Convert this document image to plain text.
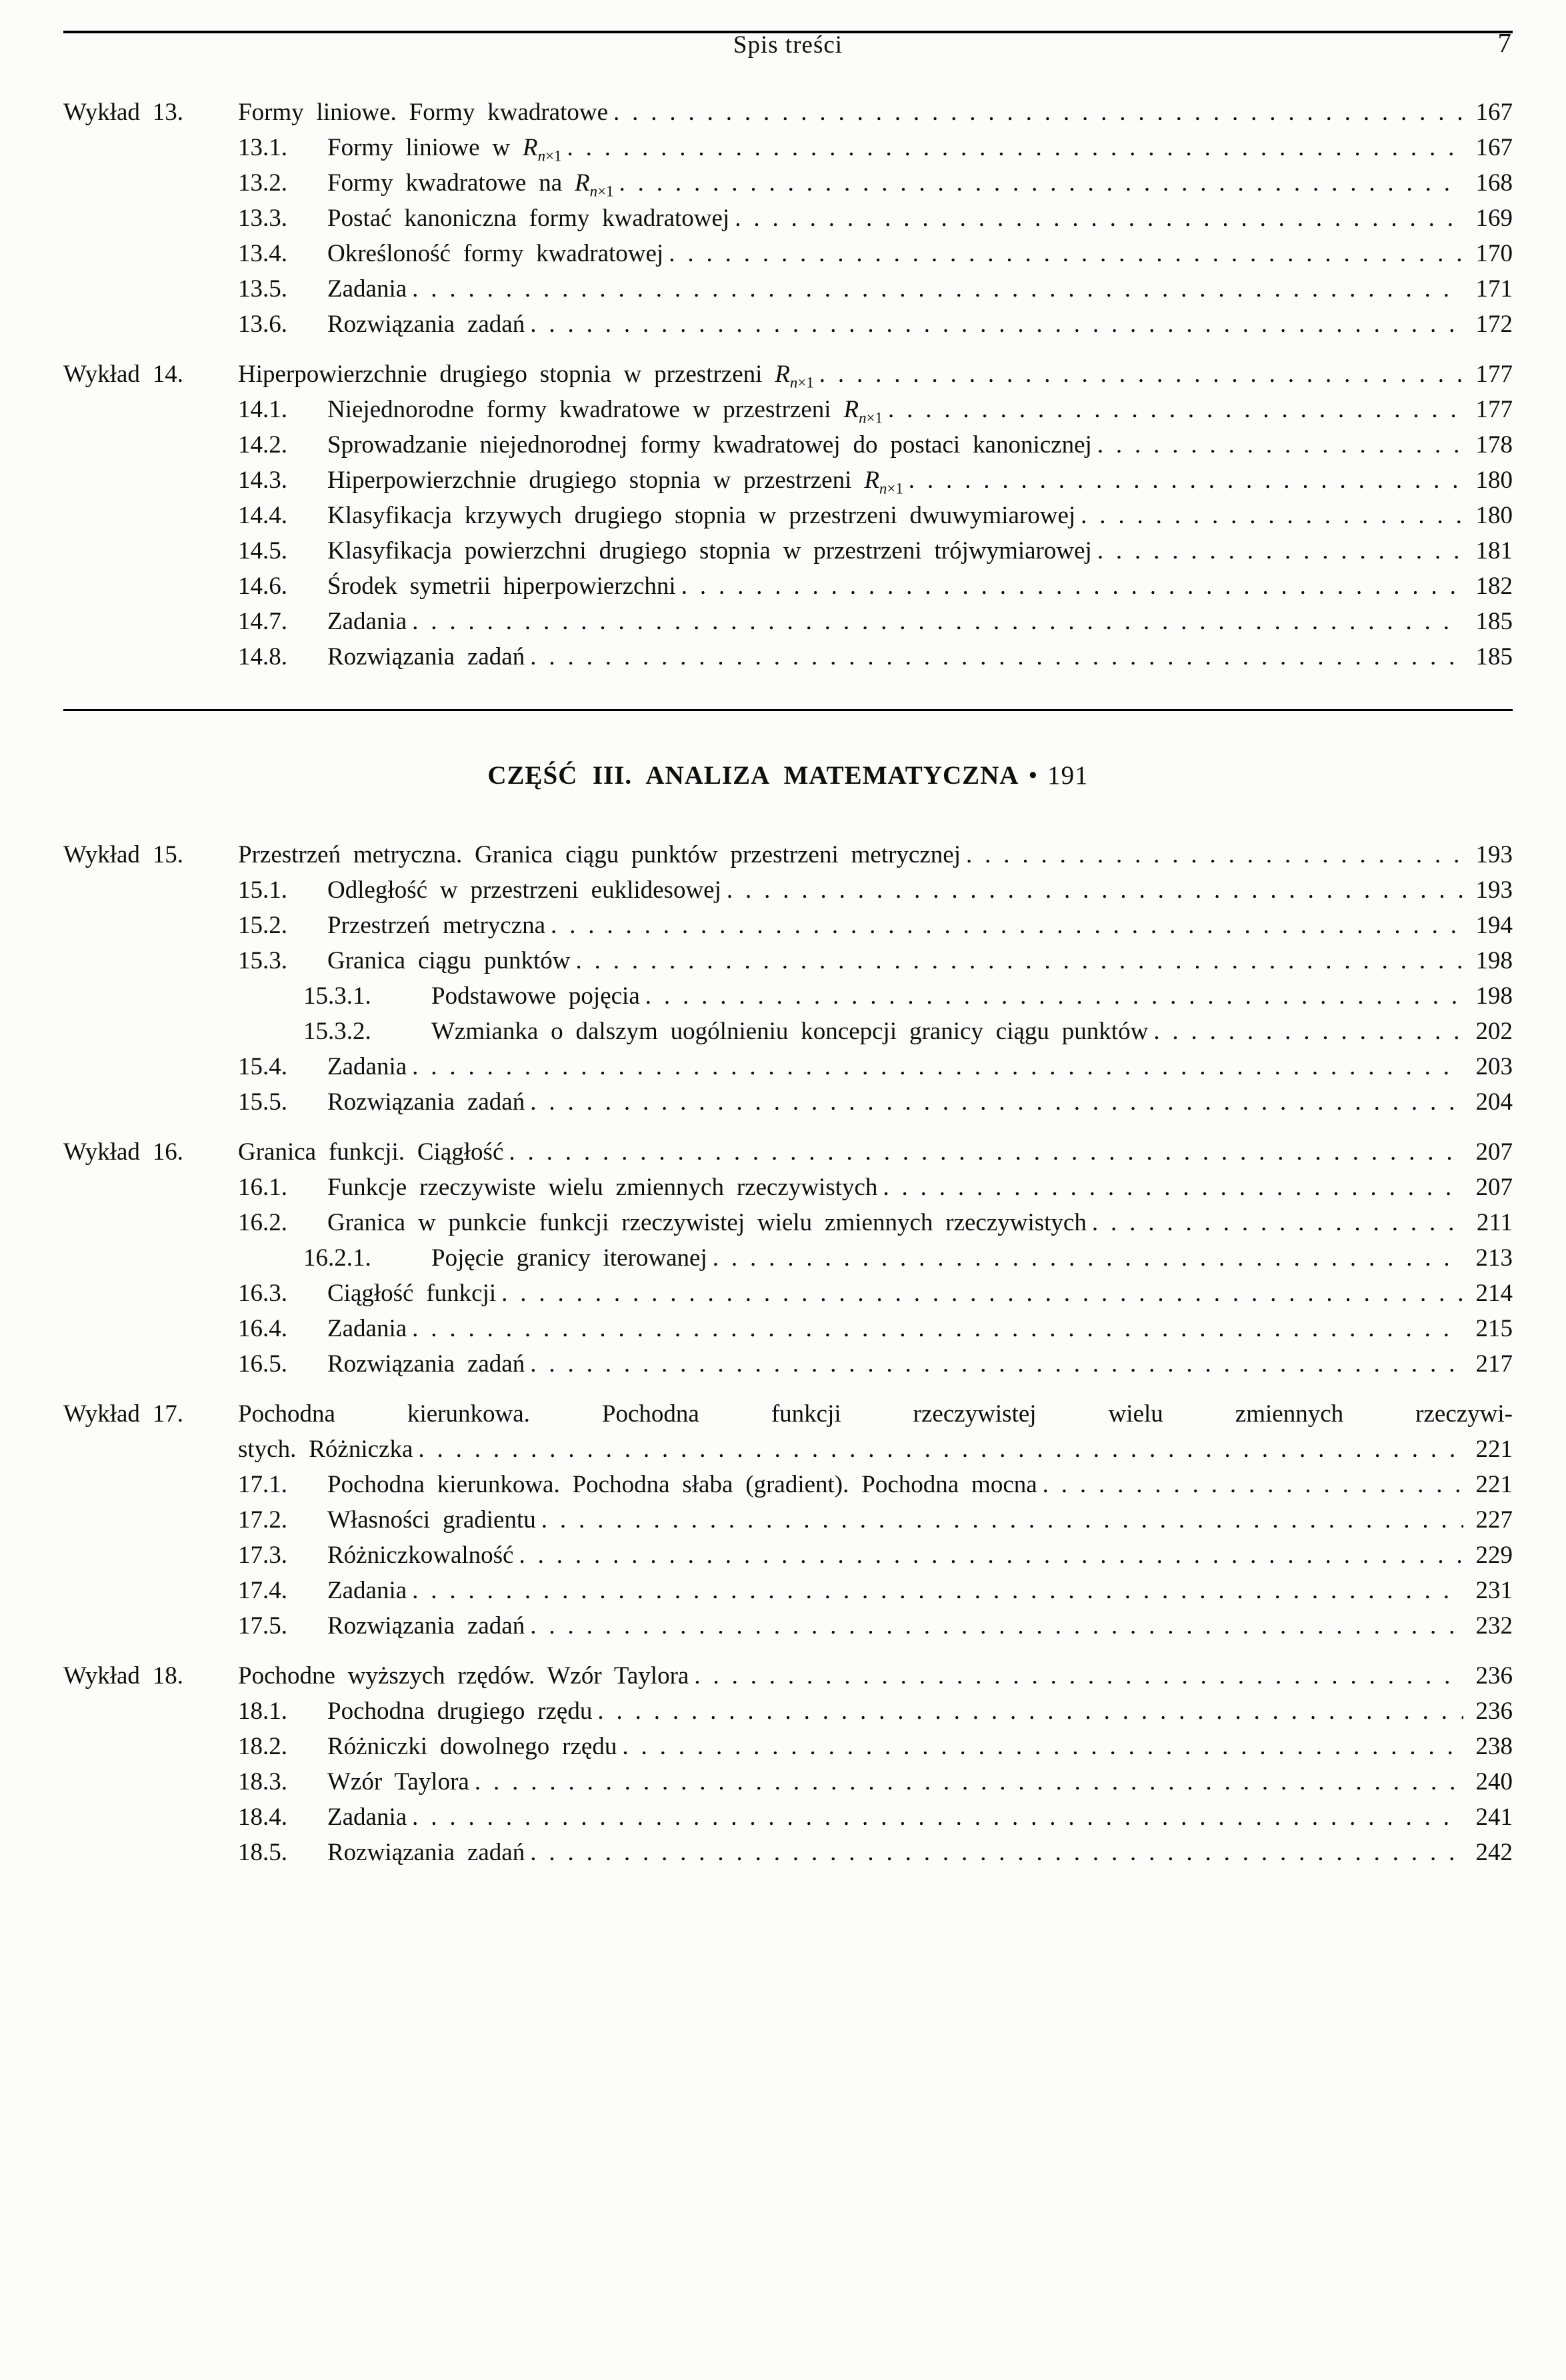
Spis treści	7
Wykład 13.	Formy liniowe. Formy kwadratowe . . .	167
13.1.	Formy liniowe w $R_{n\times 1}$ . . .	167
13.2.	Formy kwadratowe na $R_{n\times 1}$ . . .	168
13.3.	Postać kanoniczna formy kwadratowej . . .	169
13.4.	Określoność formy kwadratowej . . .	170
13.5.	Zadania . . .	171
13.6.	Rozwiązania zadań . . .	172
Wykład 14.	Hiperpowierzchnie drugiego stopnia w przestrzeni $R_{n\times 1}$ . . .	177
14.1.	Niejednorodne formy kwadratowe w przestrzeni $R_{n\times 1}$ . . .	177
14.2.	Sprowadzanie niejednorodnej formy kwadratowej do postaci kanonicznej . . .	178
14.3.	Hiperpowierzchnie drugiego stopnia w przestrzeni $R_{n\times 1}$ . . .	180
14.4.	Klasyfikacja krzywych drugiego stopnia w przestrzeni dwuwymiarowej . . .	180
14.5.	Klasyfikacja powierzchni drugiego stopnia w przestrzeni trójwymiarowej . . .	181
14.6.	Środek symetrii hiperpowierzchni . . .	182
14.7.	Zadania . . .	185
14.8.	Rozwiązania zadań . . .	185
CZĘŚĆ III. ANALIZA MATEMATYCZNA • 191
Wykład 15.	Przestrzeń metryczna. Granica ciągu punktów przestrzeni metrycznej . . .	193
15.1.	Odległość w przestrzeni euklidesowej . . .	193
15.2.	Przestrzeń metryczna . . .	194
15.3.	Granica ciągu punktów . . .	198
15.3.1.	Podstawowe pojęcia . . .	198
15.3.2.	Wzmianka o dalszym uogólnieniu koncepcji granicy ciągu punktów . . .	202
15.4.	Zadania . . .	203
15.5.	Rozwiązania zadań . . .	204
Wykład 16.	Granica funkcji. Ciągłość . . .	207
16.1.	Funkcje rzeczywiste wielu zmiennych rzeczywistych . . .	207
16.2.	Granica w punkcie funkcji rzeczywistej wielu zmiennych rzeczywistych . . .	211
16.2.1.	Pojęcie granicy iterowanej . . .	213
16.3.	Ciągłość funkcji . . .	214
16.4.	Zadania . . .	215
16.5.	Rozwiązania zadań . . .	217
Wykład 17.	Pochodna kierunkowa. Pochodna funkcji rzeczywistej wielu zmiennych rzeczywi-
stych. Różniczka . . .	221
17.1.	Pochodna kierunkowa. Pochodna słaba (gradient). Pochodna mocna . . .	221
17.2.	Własności gradientu . . .	227
17.3.	Różniczkowalność . . .	229
17.4.	Zadania . . .	231
17.5.	Rozwiązania zadań . . .	232
Wykład 18.	Pochodne wyższych rzędów. Wzór Taylora . . .	236
18.1.	Pochodna drugiego rzędu . . .	236
18.2.	Różniczki dowolnego rzędu . . .	238
18.3.	Wzór Taylora . . .	240
18.4.	Zadania . . .	241
18.5.	Rozwiązania zadań . . .	242
